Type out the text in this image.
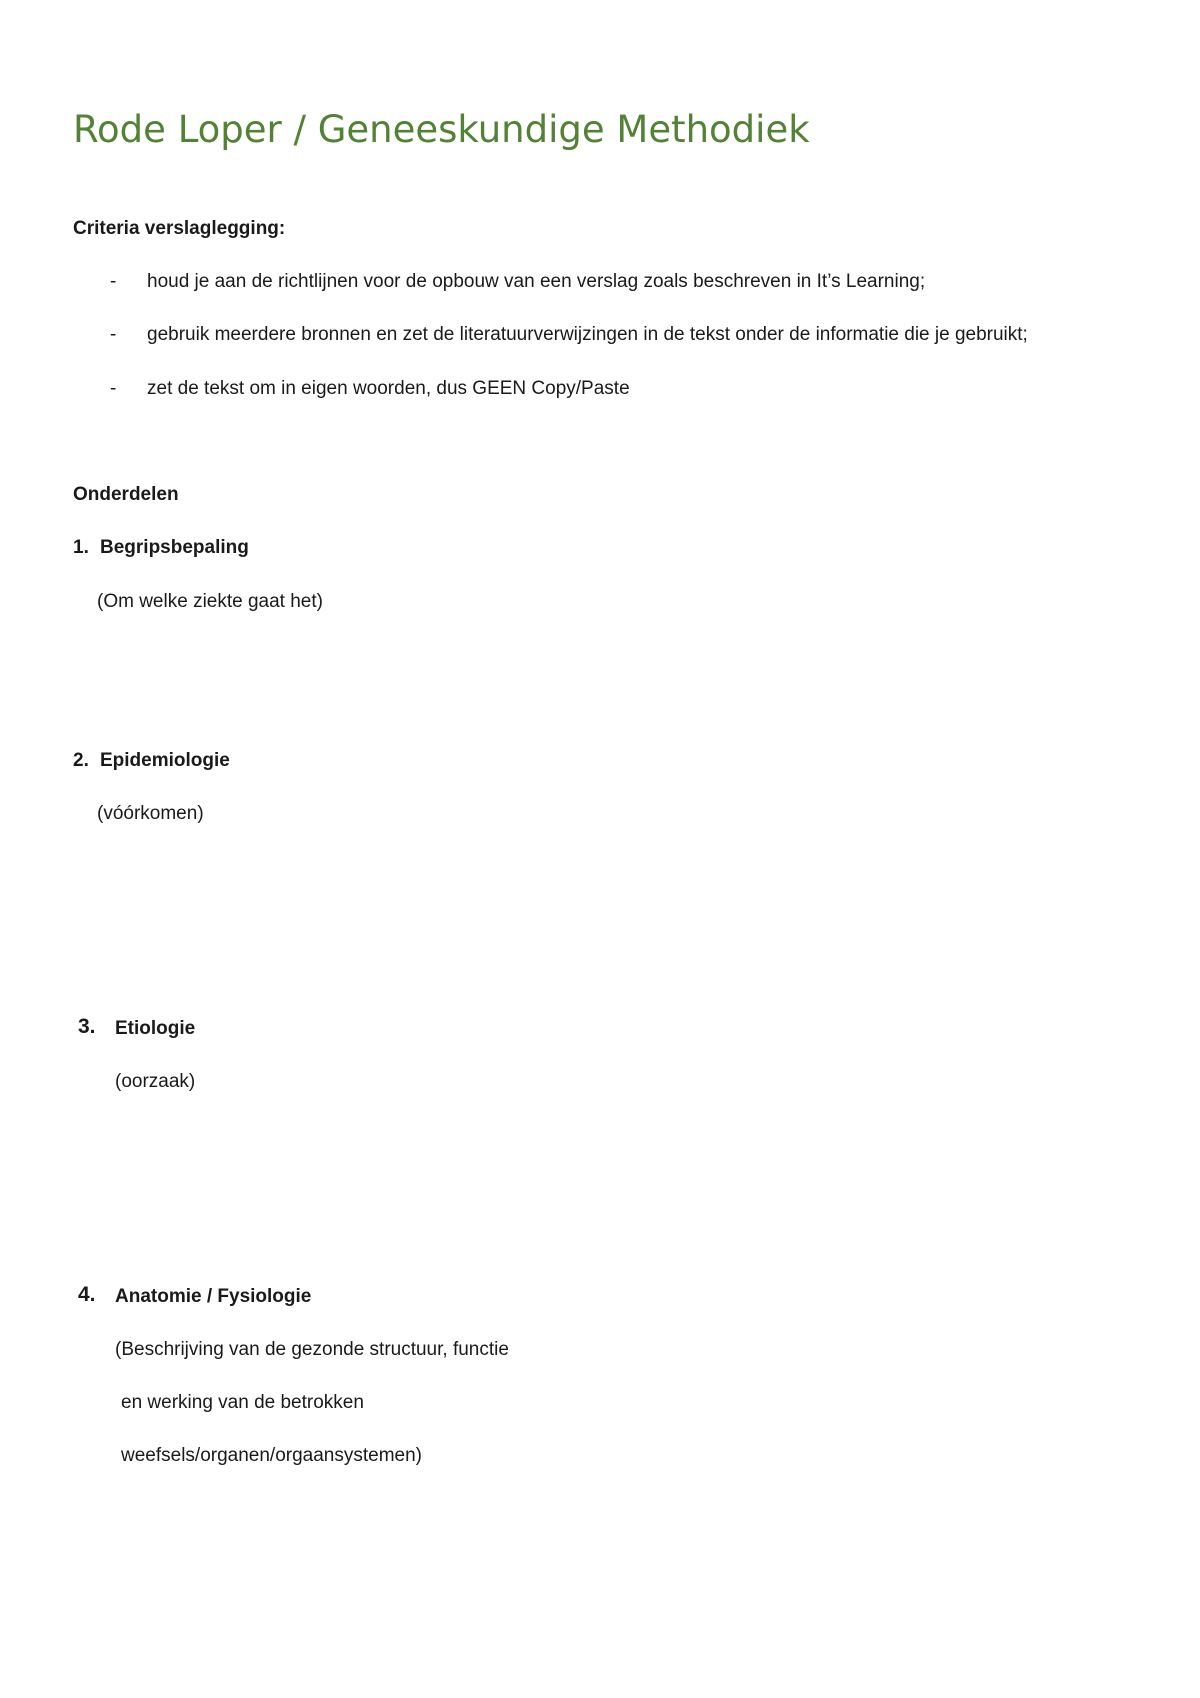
Rode Loper / Geneeskundige Methodiek
Criteria verslaglegging:
- houd je aan de richtlijnen voor de opbouw van een verslag zoals beschreven in It’s Learning;
- gebruik meerdere bronnen en zet de literatuurverwijzingen in de tekst onder de informatie die je gebruikt;
- zet de tekst om in eigen woorden, dus GEEN Copy/Paste
Onderdelen
1. Begripsbepaling
(Om welke ziekte gaat het)
2. Epidemiologie
(vóórkomen)
3. Etiologie
(oorzaak)
4. Anatomie / Fysiologie
(Beschrijving van de gezonde structuur, functie
en werking van de betrokken
weefsels/organen/orgaansystemen)
